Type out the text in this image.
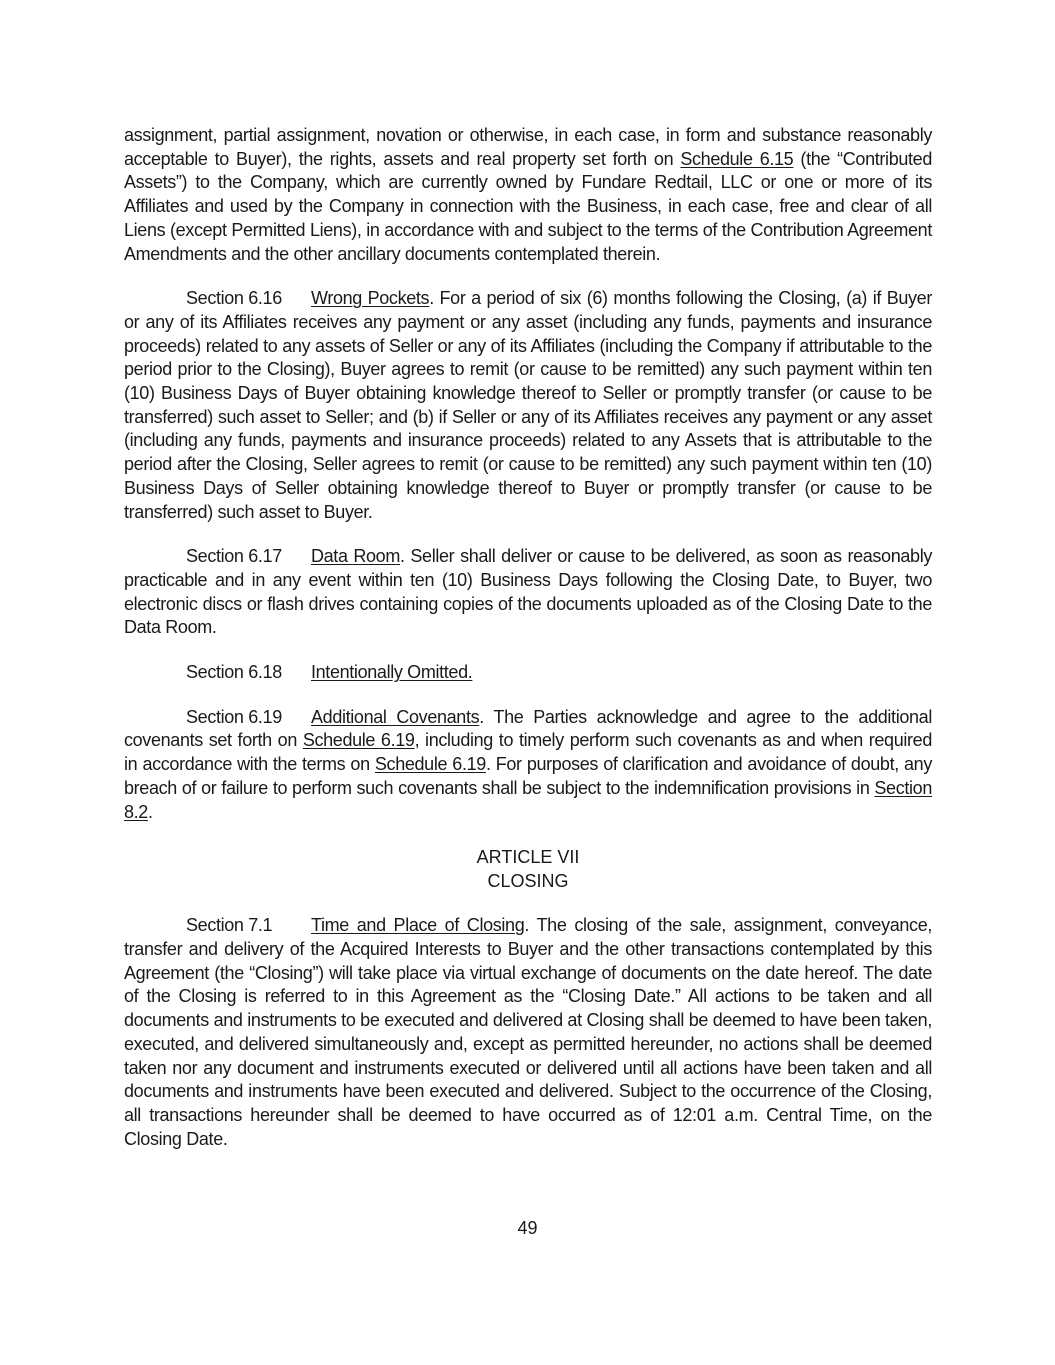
assignment, partial assignment, novation or otherwise, in each case, in form and substance reasonably acceptable to Buyer), the rights, assets and real property set forth on Schedule 6.15 (the “Contributed Assets”) to the Company, which are currently owned by Fundare Redtail, LLC or one or more of its Affiliates and used by the Company in connection with the Business, in each case, free and clear of all Liens (except Permitted Liens), in accordance with and subject to the terms of the Contribution Agreement Amendments and the other ancillary documents contemplated therein.

Section 6.16 Wrong Pockets. For a period of six (6) months following the Closing, (a) if Buyer or any of its Affiliates receives any payment or any asset (including any funds, payments and insurance proceeds) related to any assets of Seller or any of its Affiliates (including the Company if attributable to the period prior to the Closing), Buyer agrees to remit (or cause to be remitted) any such payment within ten (10) Business Days of Buyer obtaining knowledge thereof to Seller or promptly transfer (or cause to be transferred) such asset to Seller; and (b) if Seller or any of its Affiliates receives any payment or any asset (including any funds, payments and insurance proceeds) related to any Assets that is attributable to the period after the Closing, Seller agrees to remit (or cause to be remitted) any such payment within ten (10) Business Days of Seller obtaining knowledge thereof to Buyer or promptly transfer (or cause to be transferred) such asset to Buyer.

Section 6.17 Data Room. Seller shall deliver or cause to be delivered, as soon as reasonably practicable and in any event within ten (10) Business Days following the Closing Date, to Buyer, two electronic discs or flash drives containing copies of the documents uploaded as of the Closing Date to the Data Room.

Section 6.18 Intentionally Omitted.

Section 6.19 Additional Covenants. The Parties acknowledge and agree to the additional covenants set forth on Schedule 6.19, including to timely perform such covenants as and when required in accordance with the terms on Schedule 6.19. For purposes of clarification and avoidance of doubt, any breach of or failure to perform such covenants shall be subject to the indemnification provisions in Section 8.2.

ARTICLE VII
CLOSING

Section 7.1 Time and Place of Closing. The closing of the sale, assignment, conveyance, transfer and delivery of the Acquired Interests to Buyer and the other transactions contemplated by this Agreement (the “Closing”) will take place via virtual exchange of documents on the date hereof. The date of the Closing is referred to in this Agreement as the “Closing Date.” All actions to be taken and all documents and instruments to be executed and delivered at Closing shall be deemed to have been taken, executed, and delivered simultaneously and, except as permitted hereunder, no actions shall be deemed taken nor any document and instruments executed or delivered until all actions have been taken and all documents and instruments have been executed and delivered. Subject to the occurrence of the Closing, all transactions hereunder shall be deemed to have occurred as of 12:01 a.m. Central Time, on the Closing Date.

49
